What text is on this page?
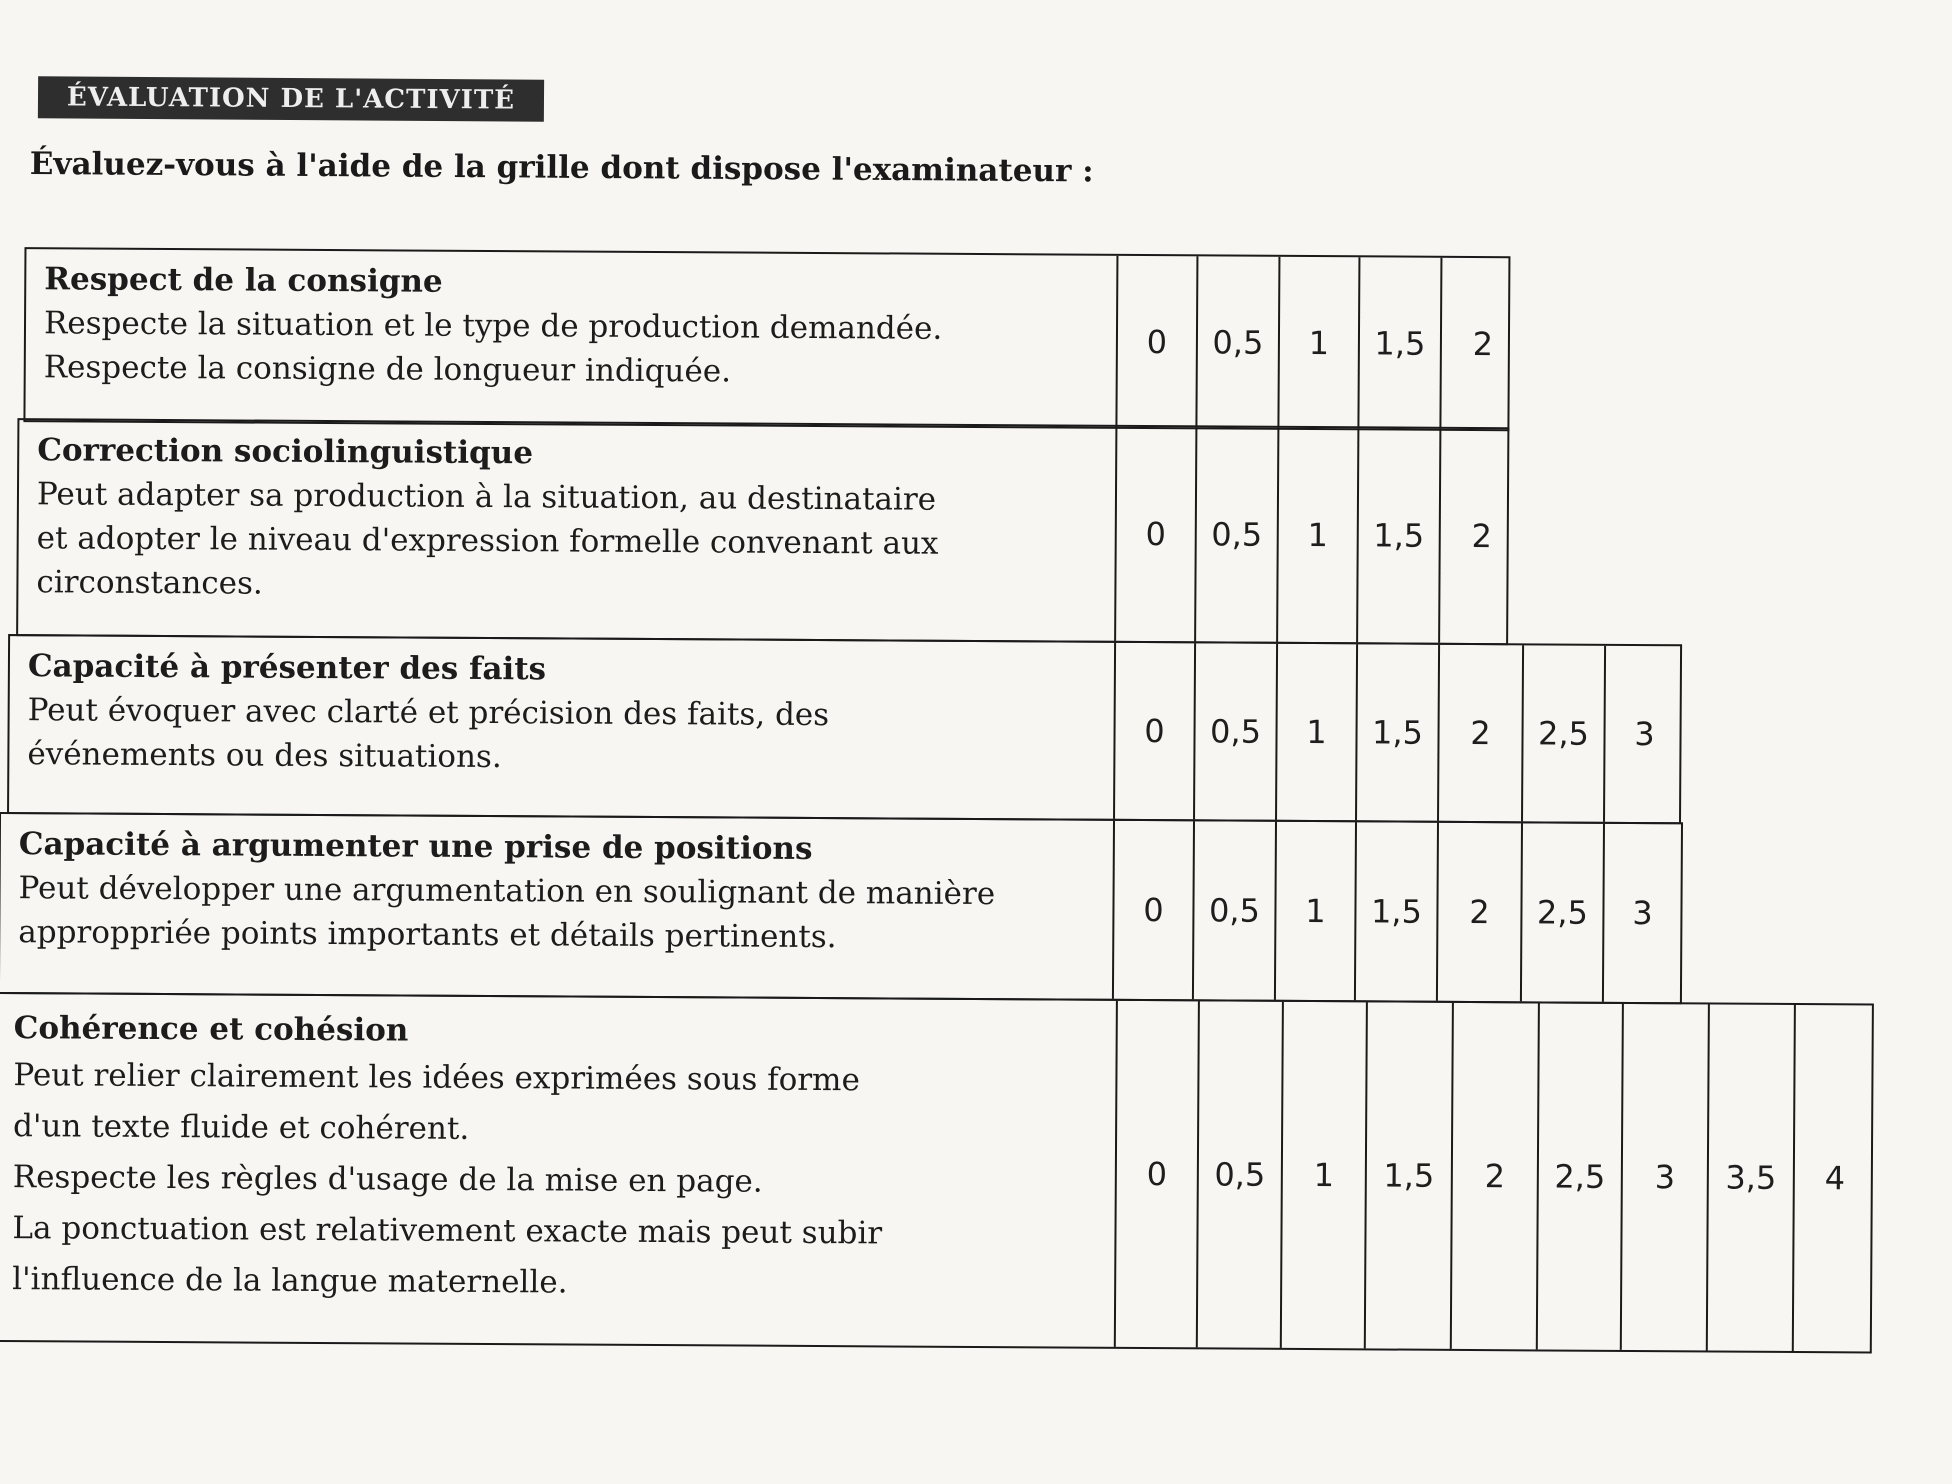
ÉVALUATION DE L'ACTIVITÉ
Évaluez-vous à l'aide de la grille dont dispose l'examinateur :
Respect de la consigne
Respecte la situation et le type de production demandée.
Respecte la consigne de longueur indiquée.
0	0,5	1	1,5	2
Correction sociolinguistique
Peut adapter sa production à la situation, au destinataire
et adopter le niveau d'expression formelle convenant aux
circonstances.
0	0,5	1	1,5	2
Capacité à présenter des faits
Peut évoquer avec clarté et précision des faits, des
événements ou des situations.
0	0,5	1	1,5	2	2,5	3
Capacité à argumenter une prise de positions
Peut développer une argumentation en soulignant de manière
approppriée points importants et détails pertinents.
0	0,5	1	1,5	2	2,5	3
Cohérence et cohésion
Peut relier clairement les idées exprimées sous forme
d'un texte fluide et cohérent.
Respecte les règles d'usage de la mise en page.
La ponctuation est relativement exacte mais peut subir
l'influence de la langue maternelle.
0	0,5	1	1,5	2	2,5	3	3,5	4
